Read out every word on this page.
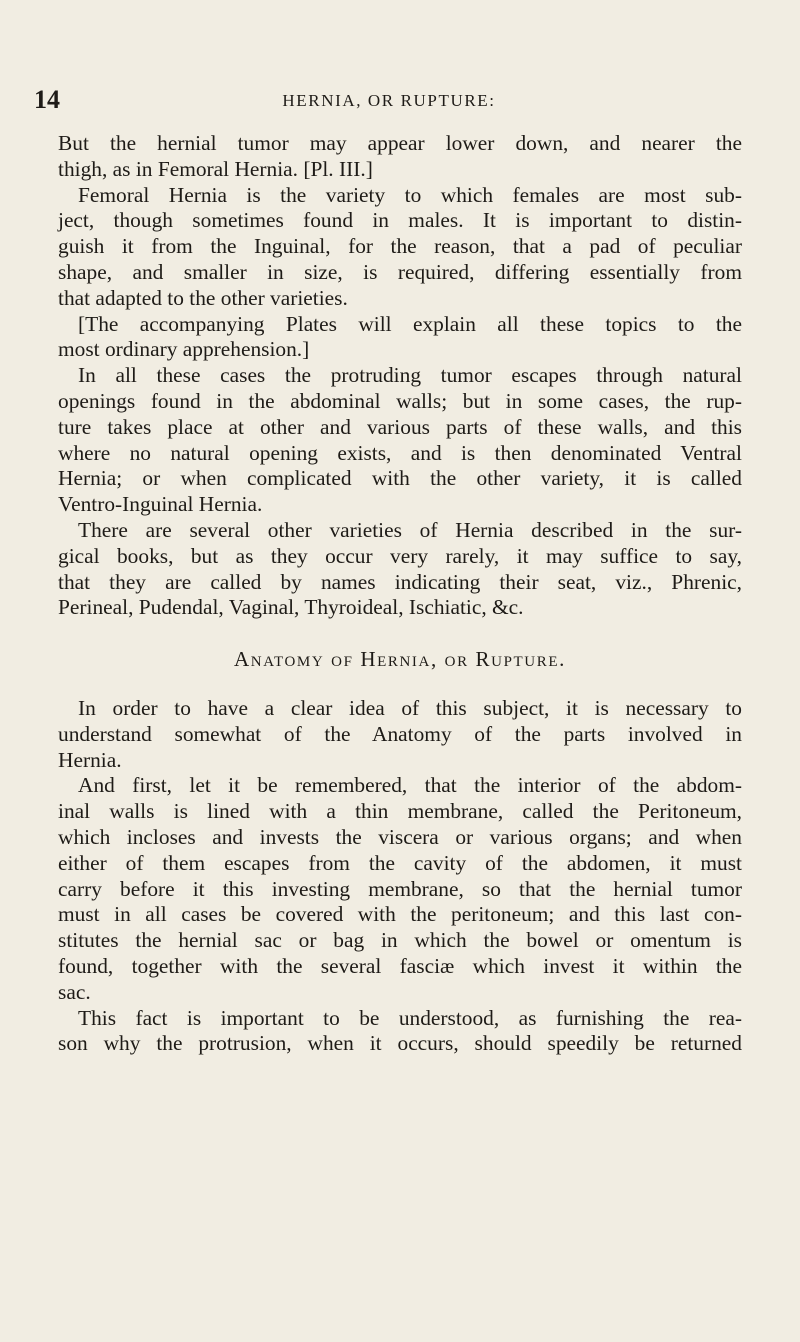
14	HERNIA, OR RUPTURE:
But the hernial tumor may appear lower down, and nearer the
thigh, as in Femoral Hernia. [Pl. III.]
Femoral Hernia is the variety to which females are most sub-
ject, though sometimes found in males. It is important to distin-
guish it from the Inguinal, for the reason, that a pad of peculiar
shape, and smaller in size, is required, differing essentially from
that adapted to the other varieties.
[The accompanying Plates will explain all these topics to the
most ordinary apprehension.]
In all these cases the protruding tumor escapes through natural
openings found in the abdominal walls; but in some cases, the rup-
ture takes place at other and various parts of these walls, and this
where no natural opening exists, and is then denominated Ventral
Hernia; or when complicated with the other variety, it is called
Ventro-Inguinal Hernia.
There are several other varieties of Hernia described in the sur-
gical books, but as they occur very rarely, it may suffice to say,
that they are called by names indicating their seat, viz., Phrenic,
Perineal, Pudendal, Vaginal, Thyroideal, Ischiatic, &c.
Anatomy of Hernia, or Rupture.
In order to have a clear idea of this subject, it is necessary to
understand somewhat of the Anatomy of the parts involved in
Hernia.
And first, let it be remembered, that the interior of the abdom-
inal walls is lined with a thin membrane, called the Peritoneum,
which incloses and invests the viscera or various organs; and when
either of them escapes from the cavity of the abdomen, it must
carry before it this investing membrane, so that the hernial tumor
must in all cases be covered with the peritoneum; and this last con-
stitutes the hernial sac or bag in which the bowel or omentum is
found, together with the several fasciæ which invest it within the
sac.
This fact is important to be understood, as furnishing the rea-
son why the protrusion, when it occurs, should speedily be returned
